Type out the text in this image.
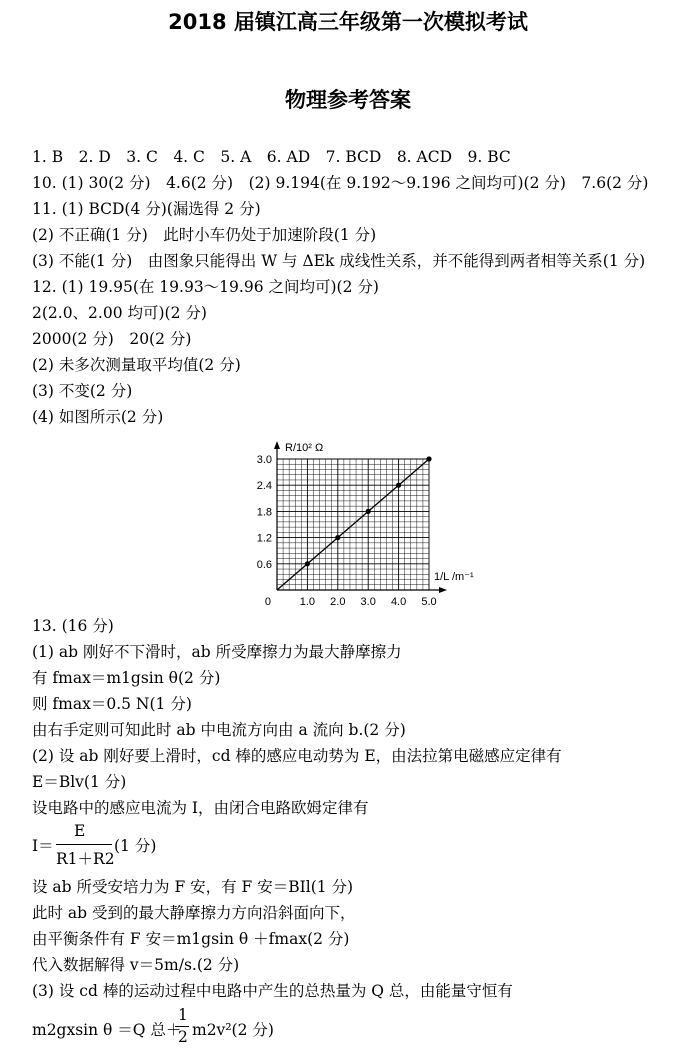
2018 届镇江高三年级第一次模拟考试
物理参考答案
1. B　2. D　3. C　4. C　5. A　6. AD　7. BCD　8. ACD　9. BC
10. (1) 30(2 分)　4.6(2 分)　(2) 9.194(在 9.192～9.196 之间均可)(2 分)　7.6(2 分)
11. (1) BCD(4 分)(漏选得 2 分)
(2) 不正确(1 分)　此时小车仍处于加速阶段(1 分)
(3) 不能(1 分)　由图象只能得出 W 与 ΔEk 成线性关系，并不能得到两者相等关系(1 分)
12. (1) 19.95(在 19.93～19.96 之间均可)(2 分)
2(2.0、2.00 均可)(2 分)
2000(2 分)　20(2 分)
(2) 未多次测量取平均值(2 分)
(3) 不变(2 分)
(4) 如图所示(2 分)
1.0 2.0 3.0 4.0 5.0
0.6
1.2
1.8
2.4
3.0
0
R/10² Ω
1/L /m⁻¹
13. (16 分)
(1) ab 刚好不下滑时，ab 所受摩擦力为最大静摩擦力
有 fmax＝m1gsin θ(2 分)
则 fmax＝0.5 N(1 分)
由右手定则可知此时 ab 中电流方向由 a 流向 b.(2 分)
(2) 设 ab 刚好要上滑时，cd 棒的感应电动势为 E，由法拉第电磁感应定律有
E＝Blv(1 分)
设电路中的感应电流为 I，由闭合电路欧姆定律有
I＝
E
R1＋R2
(1 分)
设 ab 所受安培力为 F 安，有 F 安＝BIl(1 分)
此时 ab 受到的最大静摩擦力方向沿斜面向下，
由平衡条件有 F 安＝m1gsin θ ＋fmax(2 分)
代入数据解得 v＝5m/s.(2 分)
(3) 设 cd 棒的运动过程中电路中产生的总热量为 Q 总，由能量守恒有
m2gxsin θ ＝Q 总＋
1
2 m2v²(2 分)
